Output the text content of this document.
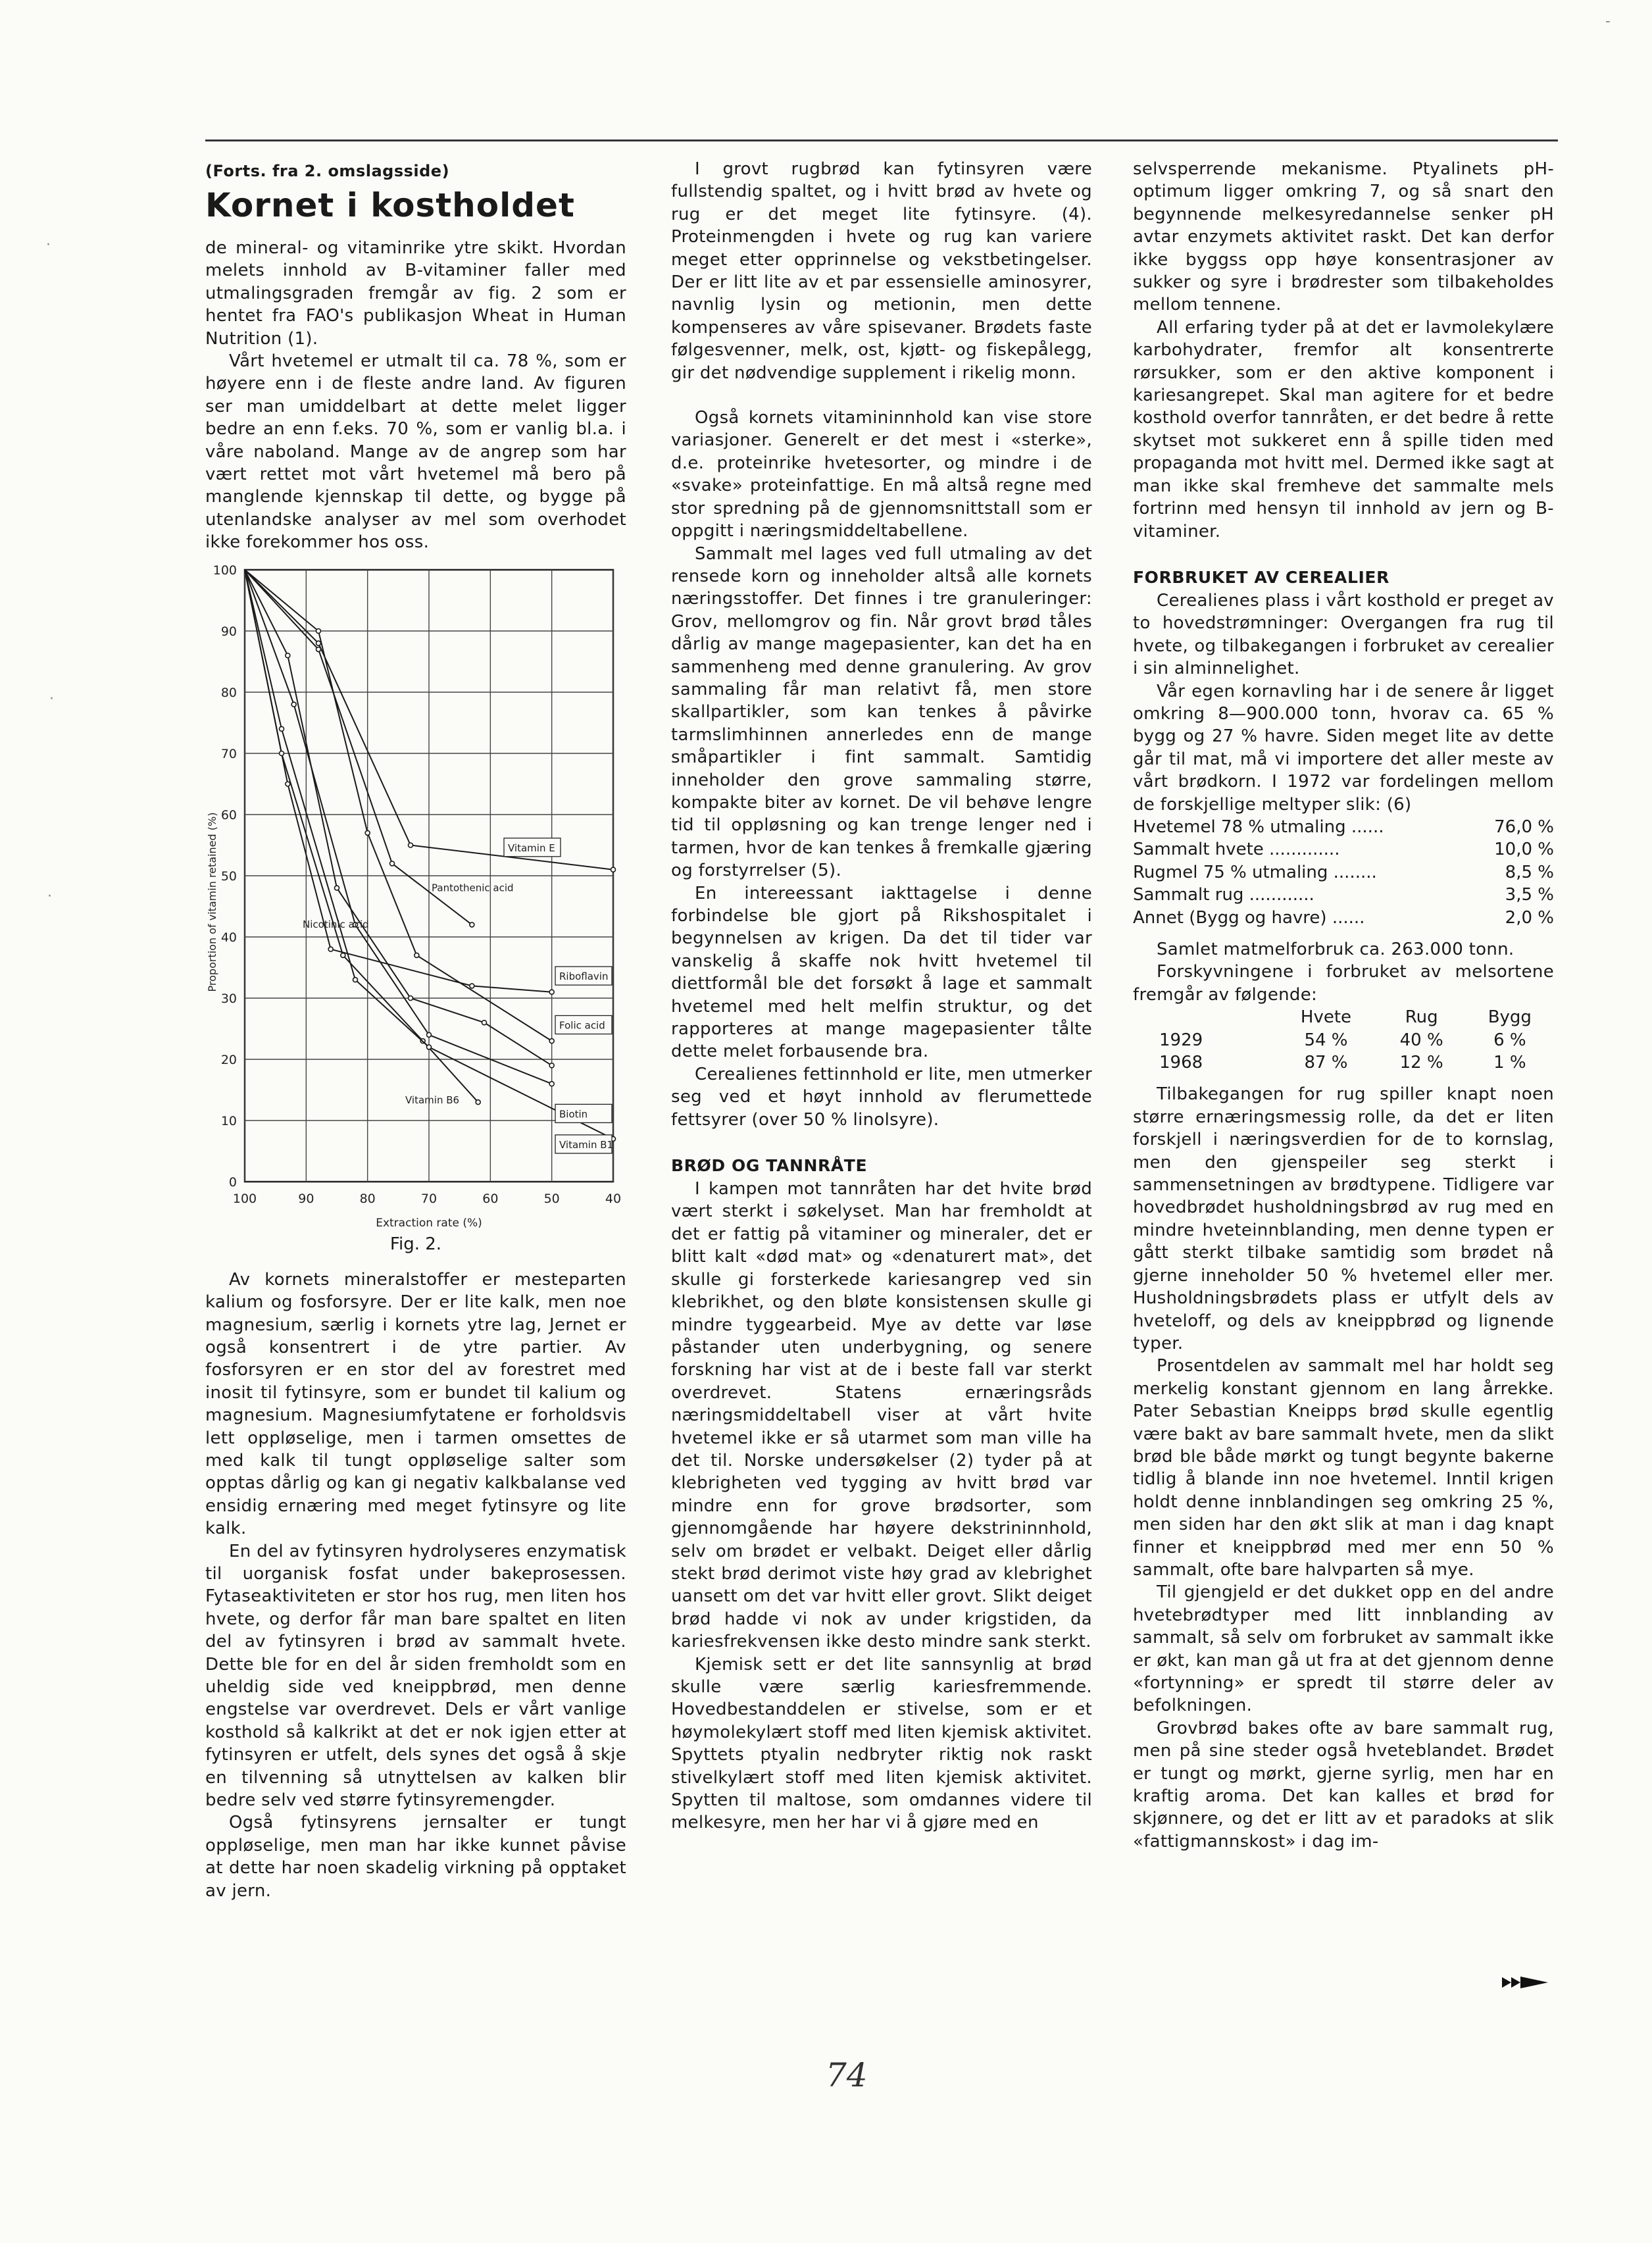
(Forts. fra 2. omslagsside)
Kornet i kostholdet

de mineral- og vitaminrike ytre skikt. Hvordan melets innhold av B-vitaminer faller med utmalingsgraden fremgår av fig. 2 som er hentet fra FAO's publikasjon Wheat in Human Nutrition (1).

Vårt hvetemel er utmalt til ca. 78 %, som er høyere enn i de fleste andre land. Av figuren ser man umiddelbart at dette melet ligger bedre an enn f.eks. 70 %, som er vanlig bl.a. i våre naboland. Mange av de angrep som har vært rettet mot vårt hvetemel må bero på manglende kjennskap til dette, og bygge på utenlandske analyser av mel som overhodet ikke forekommer hos oss.

100	90	80	70	60	50	40
0
10
20
30
40
50
60
70
80
90
100
Extraction rate (%)
Proportion of vitamin retained (%)	Vitamin E
Pantothenic acid
Nicotinic acid
Riboflavin
Folic acid
Biotin
Vitamin B6
Vitamin B1
Fig. 2.

Av kornets mineralstoffer er mesteparten kalium og fosforsyre. Der er lite kalk, men noe magnesium, særlig i kornets ytre lag, Jernet er også konsentrert i de ytre partier. Av fosforsyren er en stor del av forestret med inosit til fytinsyre, som er bundet til kalium og magnesium. Magnesiumfytatene er forholdsvis lett oppløselige, men i tarmen omsettes de med kalk til tungt oppløselige salter som opptas dårlig og kan gi negativ kalkbalanse ved ensidig ernæring med meget fytinsyre og lite kalk.

En del av fytinsyren hydrolyseres enzymatisk til uorganisk fosfat under bakeprosessen. Fytaseaktiviteten er stor hos rug, men liten hos hvete, og derfor får man bare spaltet en liten del av fytinsyren i brød av sammalt hvete. Dette ble for en del år siden fremholdt som en uheldig side ved kneippbrød, men denne engstelse var overdrevet. Dels er vårt vanlige kosthold så kalkrikt at det er nok igjen etter at fytinsyren er utfelt, dels synes det også å skje en tilvenning så utnyttelsen av kalken blir bedre selv ved større fytinsyremengder.

Også fytinsyrens jernsalter er tungt oppløselige, men man har ikke kunnet påvise at dette har noen skadelig virkning på opptaket av jern.

I grovt rugbrød kan fytinsyren være fullstendig spaltet, og i hvitt brød av hvete og rug er det meget lite fytinsyre. (4). Proteinmengden i hvete og rug kan variere meget etter opprinnelse og vekstbetingelser. Der er litt lite av et par essensielle aminosyrer, navnlig lysin og metionin, men dette kompenseres av våre spisevaner. Brødets faste følgesvenner, melk, ost, kjøtt- og fiskepålegg, gir det nødvendige supplement i rikelig monn.

Også kornets vitamininnhold kan vise store variasjoner. Generelt er det mest i «sterke», d.e. proteinrike hvetesorter, og mindre i de «svake» proteinfattige. En må altså regne med stor spredning på de gjennomsnittstall som er oppgitt i næringsmiddeltabellene.

Sammalt mel lages ved full utmaling av det rensede korn og inneholder altså alle kornets næringsstoffer. Det finnes i tre granuleringer: Grov, mellomgrov og fin. Når grovt brød tåles dårlig av mange magepasienter, kan det ha en sammenheng med denne granulering. Av grov sammaling får man relativt få, men store skallpartikler, som kan tenkes å påvirke tarmslimhinnen annerledes enn de mange småpartikler i fint sammalt. Samtidig inneholder den grove sammaling større, kompakte biter av kornet. De vil behøve lengre tid til oppløsning og kan trenge lenger ned i tarmen, hvor de kan tenkes å fremkalle gjæring og forstyrrelser (5).

En intereessant iakttagelse i denne forbindelse ble gjort på Rikshospitalet i begynnelsen av krigen. Da det til tider var vanskelig å skaffe nok hvitt hvetemel til diettformål ble det forsøkt å lage et sammalt hvetemel med helt melfin struktur, og det rapporteres at mange magepasienter tålte dette melet forbausende bra.

Cerealienes fettinnhold er lite, men utmerker seg ved et høyt innhold av flerumettede fettsyrer (over 50 % linolsyre).

BRØD OG TANNRÅTE

I kampen mot tannråten har det hvite brød vært sterkt i søkelyset. Man har fremholdt at det er fattig på vitaminer og mineraler, det er blitt kalt «død mat» og «denaturert mat», det skulle gi forsterkede kariesangrep ved sin klebrikhet, og den bløte konsistensen skulle gi mindre tyggearbeid. Mye av dette var løse påstander uten underbygning, og senere forskning har vist at de i beste fall var sterkt overdrevet. Statens ernæringsråds næringsmiddeltabell viser at vårt hvite hvetemel ikke er så utarmet som man ville ha det til. Norske undersøkelser (2) tyder på at klebrigheten ved tygging av hvitt brød var mindre enn for grove brødsorter, som gjennomgående har høyere dekstrininnhold, selv om brødet er velbakt. Deiget eller dårlig stekt brød derimot viste høy grad av klebrighet uansett om det var hvitt eller grovt. Slikt deiget brød hadde vi nok av under krigstiden, da kariesfrekvensen ikke desto mindre sank sterkt.

Kjemisk sett er det lite sannsynlig at brød skulle være særlig kariesfremmende. Hovedbestanddelen er stivelse, som er et høymolekylært stoff med liten kjemisk aktivitet. Spyttets ptyalin nedbryter riktig nok raskt stivelkylært stoff med liten kjemisk aktivitet. Spytten til maltose, som omdannes videre til melkesyre, men her har vi å gjøre med en

selvsperrende mekanisme. Ptyalinets pH-optimum ligger omkring 7, og så snart den begynnende melkesyredannelse senker pH avtar enzymets aktivitet raskt. Det kan derfor ikke byggss opp høye konsentrasjoner av sukker og syre i brødrester som tilbakeholdes mellom tennene.

All erfaring tyder på at det er lavmolekylære karbohydrater, fremfor alt konsentrerte rørsukker, som er den aktive komponent i kariesangrepet. Skal man agitere for et bedre kosthold overfor tannråten, er det bedre å rette skytset mot sukkeret enn å spille tiden med propaganda mot hvitt mel. Dermed ikke sagt at man ikke skal fremheve det sammalte mels fortrinn med hensyn til innhold av jern og B-vitaminer.

FORBRUKET AV CEREALIER

Cerealienes plass i vårt kosthold er preget av to hovedstrømninger: Overgangen fra rug til hvete, og tilbakegangen i forbruket av cerealier i sin alminnelighet.

Vår egen kornavling har i de senere år ligget omkring 8—900.000 tonn, hvorav ca. 65 % bygg og 27 % havre. Siden meget lite av dette går til mat, må vi importere det aller meste av vårt brødkorn. I 1972 var fordelingen mellom de forskjellige meltyper slik: (6)

Hvetemel 78 % utmaling ......	76,0 %
Sammalt hvete .............	10,0 %
Rugmel 75 % utmaling ........	8,5 %
Sammalt rug ............	3,5 %
Annet (Bygg og havre) ......	2,0 %

Samlet matmelforbruk ca. 263.000 tonn.

Forskyvningene i forbruket av melsortene fremgår av følgende:

	Hvete	Rug	Bygg
1929	54 %	40 %	6 %
1968	87 %	12 %	1 %

Tilbakegangen for rug spiller knapt noen større ernæringsmessig rolle, da det er liten forskjell i næringsverdien for de to kornslag, men den gjenspeiler seg sterkt i sammensetningen av brødtypene. Tidligere var hovedbrødet husholdningsbrød av rug med en mindre hveteinnblanding, men denne typen er gått sterkt tilbake samtidig som brødet nå gjerne inneholder 50 % hvetemel eller mer. Husholdningsbrødets plass er utfylt dels av hveteloff, og dels av kneippbrød og lignende typer.

Prosentdelen av sammalt mel har holdt seg merkelig konstant gjennom en lang årrekke. Pater Sebastian Kneipps brød skulle egentlig være bakt av bare sammalt hvete, men da slikt brød ble både mørkt og tungt begynte bakerne tidlig å blande inn noe hvetemel. Inntil krigen holdt denne innblandingen seg omkring 25 %, men siden har den økt slik at man i dag knapt finner et kneippbrød med mer enn 50 % sammalt, ofte bare halvparten så mye.

Til gjengjeld er det dukket opp en del andre hvetebrødtyper med litt innblanding av sammalt, så selv om forbruket av sammalt ikke er økt, kan man gå ut fra at det gjennom denne «fortynning» er spredt til større deler av befolkningen.

Grovbrød bakes ofte av bare sammalt rug, men på sine steder også hveteblandet. Brødet er tungt og mørkt, gjerne syrlig, men har en kraftig aroma. Det kan kalles et brød for skjønnere, og det er litt av et paradoks at slik «fattigmannskost» i dag im-

74
·
·
·
-
